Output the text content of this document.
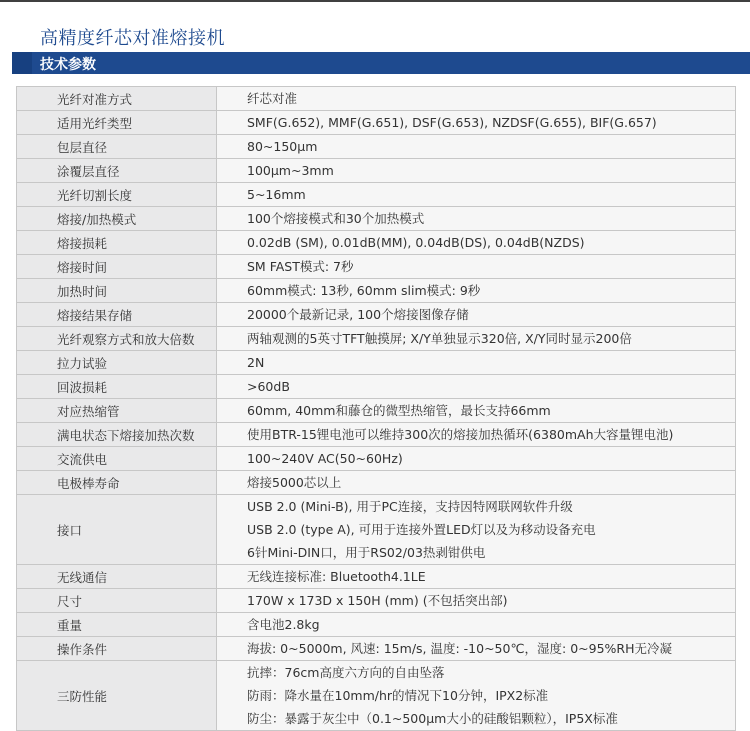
高精度纤芯对准熔接机
技术参数
光纤对准方式	纤芯对准

适用光纤类型	SMF(G.652), MMF(G.651), DSF(G.653), NZDSF(G.655), BIF(G.657)

包层直径	80~150µm

涂覆层直径	100µm~3mm

光纤切割长度	5~16mm

熔接/加热模式	100个熔接模式和30个加热模式

熔接损耗	0.02dB (SM), 0.01dB(MM), 0.04dB(DS), 0.04dB(NZDS)

熔接时间	SM FAST模式: 7秒

加热时间	60mm模式: 13秒, 60mm slim模式: 9秒

熔接结果存储	20000个最新记录, 100个熔接图像存储

光纤观察方式和放大倍数	两轴观测的5英寸TFT触摸屏; X/Y单独显示320倍, X/Y同时显示200倍

拉力试验	2N

回波损耗	>60dB

对应热缩管	60mm, 40mm和藤仓的微型热缩管，最长支持66mm

满电状态下熔接加热次数	使用BTR-15锂电池可以维持300次的熔接加热循环(6380mAh大容量锂电池)

交流供电	100~240V AC(50~60Hz)

电极棒寿命	熔接5000芯以上

接口	USB 2.0 (Mini-B), 用于PC连接，支持因特网联网软件升级
USB 2.0 (type A), 可用于连接外置LED灯以及为移动设备充电
6针Mini-DIN口，用于RS02/03热剥钳供电

无线通信	无线连接标准: Bluetooth4.1LE

尺寸	170W x 173D x 150H (mm) (不包括突出部)

重量	含电池2.8kg

操作条件	海拔: 0~5000m, 风速: 15m/s, 温度: -10~50℃，湿度: 0~95%RH无冷凝

三防性能	抗摔：76cm高度六方向的自由坠落
防雨：降水量在10mm/hr的情况下10分钟，IPX2标准
防尘：暴露于灰尘中（0.1~500µm大小的硅酸铝颗粒），IP5X标准
